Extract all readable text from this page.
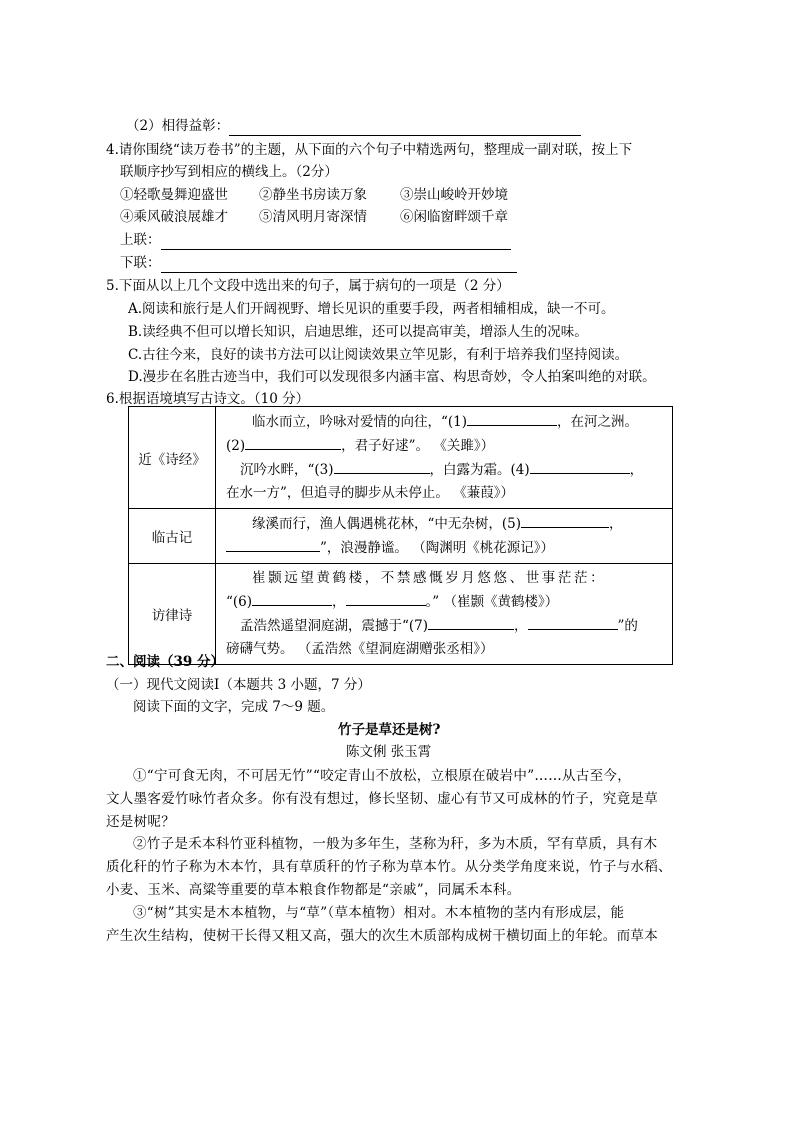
（2）相得益彰：
4.请你围绕“读万卷书”的主题，从下面的六个句子中精选两句，整理成一副对联，按上下
联顺序抄写到相应的横线上。（2分）
①轻歌曼舞迎盛世 ②静坐书房读万象 ③崇山峻岭开妙境
④乘风破浪展雄才 ⑤清风明月寄深情 ⑥闲临窗畔颂千章
上联：
下联：
5.下面从以上几个文段中选出来的句子，属于病句的一项是（2 分）
A.阅读和旅行是人们开阔视野、增长见识的重要手段，两者相辅相成，缺一不可。
B.读经典不但可以增长知识，启迪思维，还可以提高审美，增添人生的况味。
C.古往今来，良好的读书方法可以让阅读效果立竿见影，有利于培养我们坚持阅读。
D.漫步在名胜古迹当中，我们可以发现很多内涵丰富、构思奇妙，令人拍案叫绝的对联。
6.根据语境填写古诗文。（10 分）
近《诗经》	临水而立，吟咏对爱情的向往，“(1) ，在河之洲。
(2) ，君子好逑”。 《关雎》）
沉吟水畔，“(3) ，白露为霜。(4) ，
在水一方”，但追寻的脚步从未停止。 《蒹葭》）

临古记	缘溪而行，渔人偶遇桃花林，“中无杂树，(5) ，
”，浪漫静谧。 （陶渊明《桃花源记》）

访律诗	崔颢远望黄鹤楼，不禁感慨岁月悠悠、世事茫茫：
“(6) ， 。” （崔颢《黄鹤楼》）
孟浩然遥望洞庭湖，震撼于“(7) ， ”的
磅礴气势。 （孟浩然《望洞庭湖赠张丞相》）
二、阅读（39 分）
（一）现代文阅读Ⅰ（本题共 3 小题，7 分）
阅读下面的文字，完成 7～9 题。
竹子是草还是树?
陈文俐 张玉霄
①“宁可食无肉，不可居无竹”“咬定青山不放松，立根原在破岩中”……从古至今，
文人墨客爱竹咏竹者众多。你有没有想过，修长坚韧、虚心有节又可成林的竹子，究竟是草
还是树呢？
②竹子是禾本科竹亚科植物，一般为多年生，茎称为秆，多为木质，罕有草质，具有木
质化秆的竹子称为木本竹，具有草质秆的竹子称为草本竹。从分类学角度来说，竹子与水稻、
小麦、玉米、高粱等重要的草本粮食作物都是“亲戚”，同属禾本科。
③“树”其实是木本植物，与“草”（草本植物）相对。木本植物的茎内有形成层，能
产生次生结构，使树干长得又粗又高，强大的次生木质部构成树干横切面上的年轮。而草本
